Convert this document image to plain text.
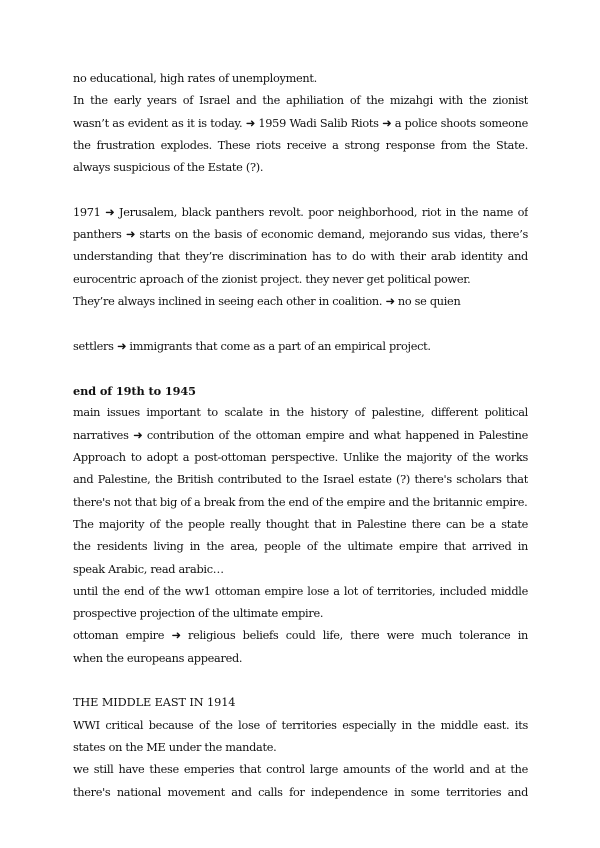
no educational, high rates of unemployment.
In the early years of Israel and the aphiliation of the mizahgi with the zionist
wasn’t as evident as it is today. ➜ 1959 Wadi Salib Riots ➜ a police shoots someone
the frustration explodes. These riots receive a strong response from the State.
always suspicious of the Estate (?).
1971 ➜ Jerusalem, black panthers revolt. poor neighborhood, riot in the name of
panthers ➜ starts on the basis of economic demand, mejorando sus vidas, there’s
understanding that they’re discrimination has to do with their arab identity and
eurocentric aproach of the zionist project. they never get political power.
They’re always inclined in seeing each other in coalition. ➜ no se quien
settlers ➜ immigrants that come as a part of an empirical project.
end of 19th to 1945
main issues important to scalate in the history of palestine, different political
narratives ➜ contribution of the ottoman empire and what happened in Palestine
Approach to adopt a post-ottoman perspective. Unlike the majority of the works
and Palestine, the British contributed to the Israel estate (?) there's scholars that
there's not that big of a break from the end of the empire and the britannic empire.
The majority of the people really thought that in Palestine there can be a state
the residents living in the area, people of the ultimate empire that arrived in
speak Arabic, read arabic…
until the end of the ww1 ottoman empire lose a lot of territories, included middle
prospective projection of the ultimate empire.
ottoman empire ➜ religious beliefs could life, there were much tolerance in
when the europeans appeared.
THE MIDDLE EAST IN 1914
WWI critical because of the lose of territories especially in the middle east. its
states on the ME under the mandate.
we still have these emperies that control large amounts of the world and at the
there's national movement and calls for independence in some territories and
